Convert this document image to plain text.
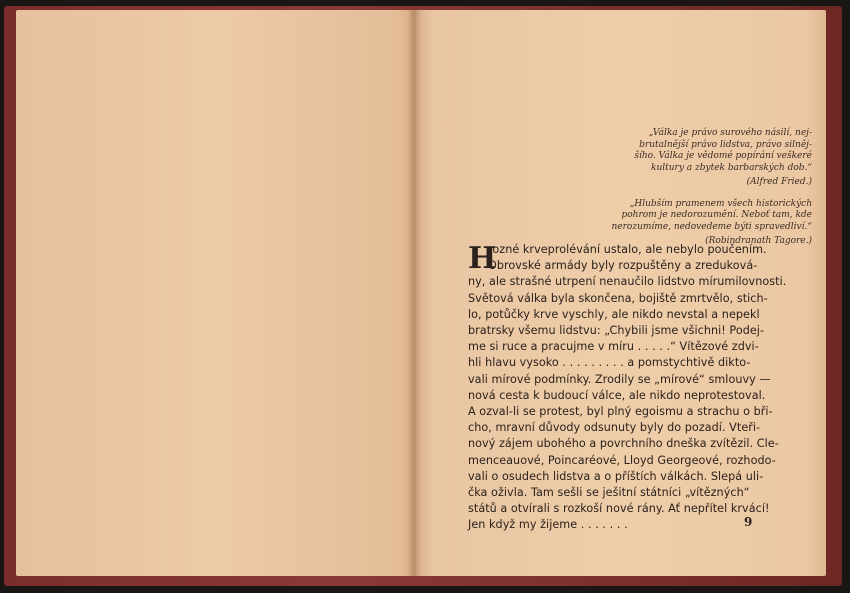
„Válka je právo surového násilí, nej-
brutalnější právo lidstva, právo silněj-
šího. Válka je vědomé popírání veškeré
kultury a zbytek barbarských dob.“
(Alfred Fried.)
„Hlubším pramenem všech historických
pohrom je nedorozumění. Neboť tam, kde
nerozumíme, nedovedeme býti spravedliví.“
(Robindranath Tagore.)
H
rozné krveprolévání ustalo, ale nebylo poučením.
Obrovské armády byly rozpuštěny a zreduková-
ny, ale strašné utrpení nenaučilo lidstvo mírumilovnosti.
Světová válka byla skončena, bojiště zmrtvělo, stich-
lo, potůčky krve vyschly, ale nikdo nevstal a nepekl
bratrsky všemu lidstvu: „Chybili jsme všichni! Podej-
me si ruce a pracujme v míru . . . . .“ Vítězové zdvi-
hli hlavu vysoko . . . . . . . . . a pomstychtivě dikto-
vali mírové podmínky. Zrodily se „mírové“ smlouvy —
nová cesta k budoucí válce, ale nikdo neprotestoval.
A ozval-li se protest, byl plný egoismu a strachu o bři-
cho, mravní důvody odsunuty byly do pozadí. Vteři-
nový zájem ubohého a povrchního dneška zvítězil. Cle-
menceauové, Poincaréové, Lloyd Georgeové, rozhodo-
vali o osudech lidstva a o příštích válkách. Slepá uli-
čka oživla. Tam sešli se ješitní státníci „vítězných“
států a otvírali s rozkoší nové rány. Ať nepřítel krvácí!
Jen když my žijeme . . . . . . .	9
